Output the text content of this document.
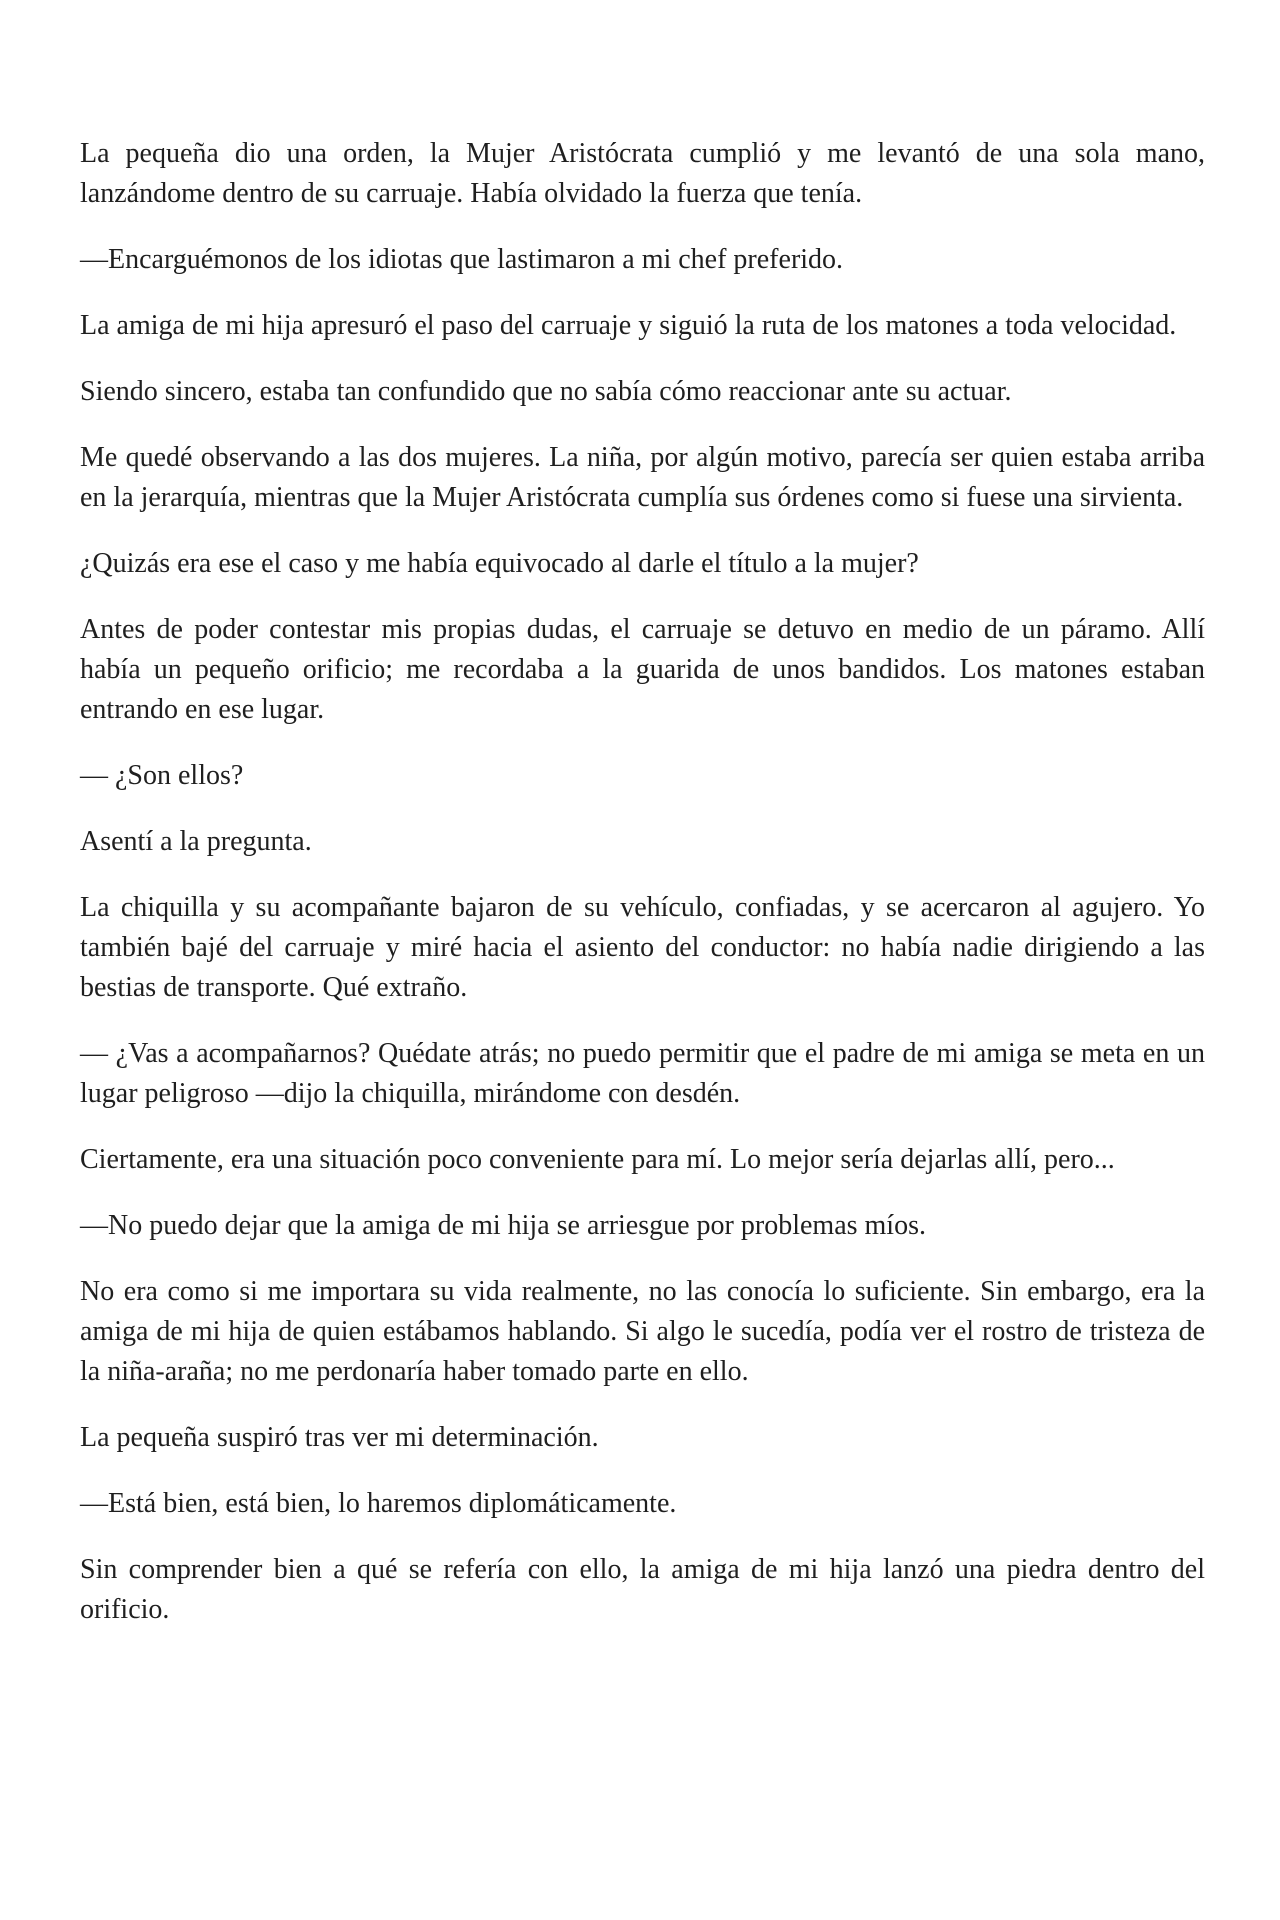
La pequeña dio una orden, la Mujer Aristócrata cumplió y me levantó de una sola mano, lanzándome dentro de su carruaje. Había olvidado la fuerza que tenía.

—Encarguémonos de los idiotas que lastimaron a mi chef preferido.

La amiga de mi hija apresuró el paso del carruaje y siguió la ruta de los matones a toda velocidad.

Siendo sincero, estaba tan confundido que no sabía cómo reaccionar ante su actuar.

Me quedé observando a las dos mujeres. La niña, por algún motivo, parecía ser quien estaba arriba en la jerarquía, mientras que la Mujer Aristócrata cumplía sus órdenes como si fuese una sirvienta.

¿Quizás era ese el caso y me había equivocado al darle el título a la mujer?

Antes de poder contestar mis propias dudas, el carruaje se detuvo en medio de un páramo. Allí había un pequeño orificio; me recordaba a la guarida de unos bandidos. Los matones estaban entrando en ese lugar.

— ¿Son ellos?

Asentí a la pregunta.

La chiquilla y su acompañante bajaron de su vehículo, confiadas, y se acercaron al agujero. Yo también bajé del carruaje y miré hacia el asiento del conductor: no había nadie dirigiendo a las bestias de transporte. Qué extraño.

— ¿Vas a acompañarnos? Quédate atrás; no puedo permitir que el padre de mi amiga se meta en un lugar peligroso —dijo la chiquilla, mirándome con desdén.

Ciertamente, era una situación poco conveniente para mí. Lo mejor sería dejarlas allí, pero...

—No puedo dejar que la amiga de mi hija se arriesgue por problemas míos.

No era como si me importara su vida realmente, no las conocía lo suficiente. Sin embargo, era la amiga de mi hija de quien estábamos hablando. Si algo le sucedía, podía ver el rostro de tristeza de la niña-araña; no me perdonaría haber tomado parte en ello.

La pequeña suspiró tras ver mi determinación.

—Está bien, está bien, lo haremos diplomáticamente.

Sin comprender bien a qué se refería con ello, la amiga de mi hija lanzó una piedra dentro del orificio.
